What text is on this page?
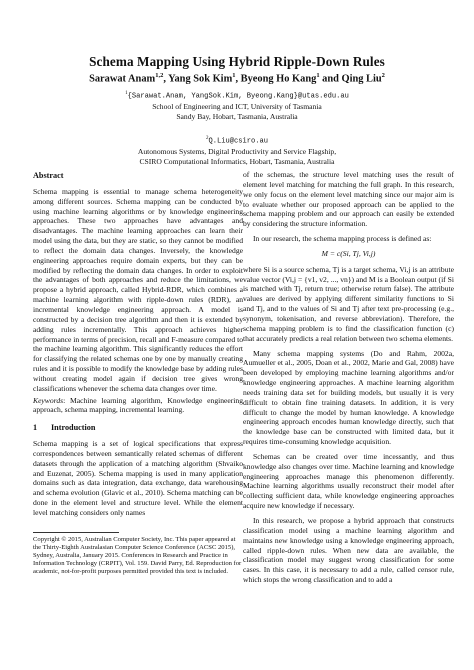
Schema Mapping Using Hybrid Ripple-Down Rules
Sarawat Anam$^{1,2}$, Yang Sok Kim$^1$, Byeong Ho Kang$^1$ and Qing Liu$^2$
$^1${Sarawat.Anam, YangSok.Kim, Byeong.Kang}@utas.edu.au
School of Engineering and ICT, University of Tasmania
Sandy Bay, Hobart, Tasmania, Australia
$^2$Q.Liu@csiro.au
Autonomous Systems, Digital Productivity and Service Flagship,
CSIRO Computational Informatics, Hobart, Tasmania, Australia
Abstract

Schema mapping is essential to manage schema heterogeneity among different sources. Schema mapping can be conducted by using machine learning algorithms or by knowledge engineering approaches. These two approaches have advantages and disadvantages. The machine learning approaches can learn their model using the data, but they are static, so they cannot be modified to reflect the domain data changes. Inversely, the knowledge engineering approaches require domain experts, but they can be modified by reflecting the domain data changes. In order to exploit the advantages of both approaches and reduce the limitations, we propose a hybrid approach, called Hybrid-RDR, which combines a machine learning algorithm with ripple-down rules (RDR), an incremental knowledge engineering approach. A model is constructed by a decision tree algorithm and then it is extended by adding rules incrementally. This approach achieves higher performance in terms of precision, recall and F-measure compared to the machine learning algorithm. This significantly reduces the effort for classifying the related schemas one by one by manually creating rules and it is possible to modify the knowledge base by adding rules without creating model again if decision tree gives wrong classifications whenever the schema data changes over time.

Keywords: Machine learning algorithm, Knowledge engineering approach, schema mapping, incremental learning.

1 Introduction

Schema mapping is a set of logical specifications that express correspondences between semantically related schemas of different datasets through the application of a matching algorithm (Shvaiko and Euzenat, 2005). Schema mapping is used in many application domains such as data integration, data exchange, data warehousing and schema evolution (Glavic et al., 2010). Schema matching can be done in the element level and structure level. While the element level matching considers only names

Copyright © 2015, Australian Computer Society, Inc. This paper appeared at the Thirty-Eighth Australasian Computer Science Conference (ACSC 2015), Sydney, Australia, January 2015. Conferences in Research and Practice in Information Technology (CRPIT), Vol. 159. David Parry, Ed. Reproduction for academic, not-for-profit purposes permitted provided this text is included.

of the schemas, the structure level matching uses the result of element level matching for matching the full graph. In this research, we only focus on the element level matching since our major aim is to evaluate whether our proposed approach can be applied to the schema mapping problem and our approach can easily be extended by considering the structure information.

In our research, the schema mapping process is defined as:

M = c(Si, Tj, Vi,j)

where Si is a source schema, Tj is a target schema, Vi,j is an attribute value vector (Vi,j = {v1, v2, ..., vn}) and M is a Boolean output (if Si is matched with Tj, return true; otherwise return false). The attribute values are derived by applying different similarity functions to Si and Tj, and to the values of Si and Tj after text pre-processing (e.g., synonym, tokenisation, and reverse abbreviation). Therefore, the schema mapping problem is to find the classification function (c) that accurately predicts a real relation between two schema elements.

Many schema mapping systems (Do and Rahm, 2002a, Aumueller et al., 2005, Doan et al., 2002, Marie and Gal, 2008) have been developed by employing machine learning algorithms and/or knowledge engineering approaches. A machine learning algorithm needs training data set for building models, but usually it is very difficult to obtain fine training datasets. In addition, it is very difficult to change the model by human knowledge. A knowledge engineering approach encodes human knowledge directly, such that the knowledge base can be constructed with limited data, but it requires time-consuming knowledge acquisition.

Schemas can be created over time incessantly, and thus knowledge also changes over time. Machine learning and knowledge engineering approaches manage this phenomenon differently. Machine learning algorithms usually reconstruct their model after collecting sufficient data, while knowledge engineering approaches acquire new knowledge if necessary.

In this research, we propose a hybrid approach that constructs classification model using a machine learning algorithm and maintains new knowledge using a knowledge engineering approach, called ripple-down rules. When new data are available, the classification model may suggest wrong classification for some cases. In this case, it is necessary to add a rule, called censor rule, which stops the wrong classification and to add a
